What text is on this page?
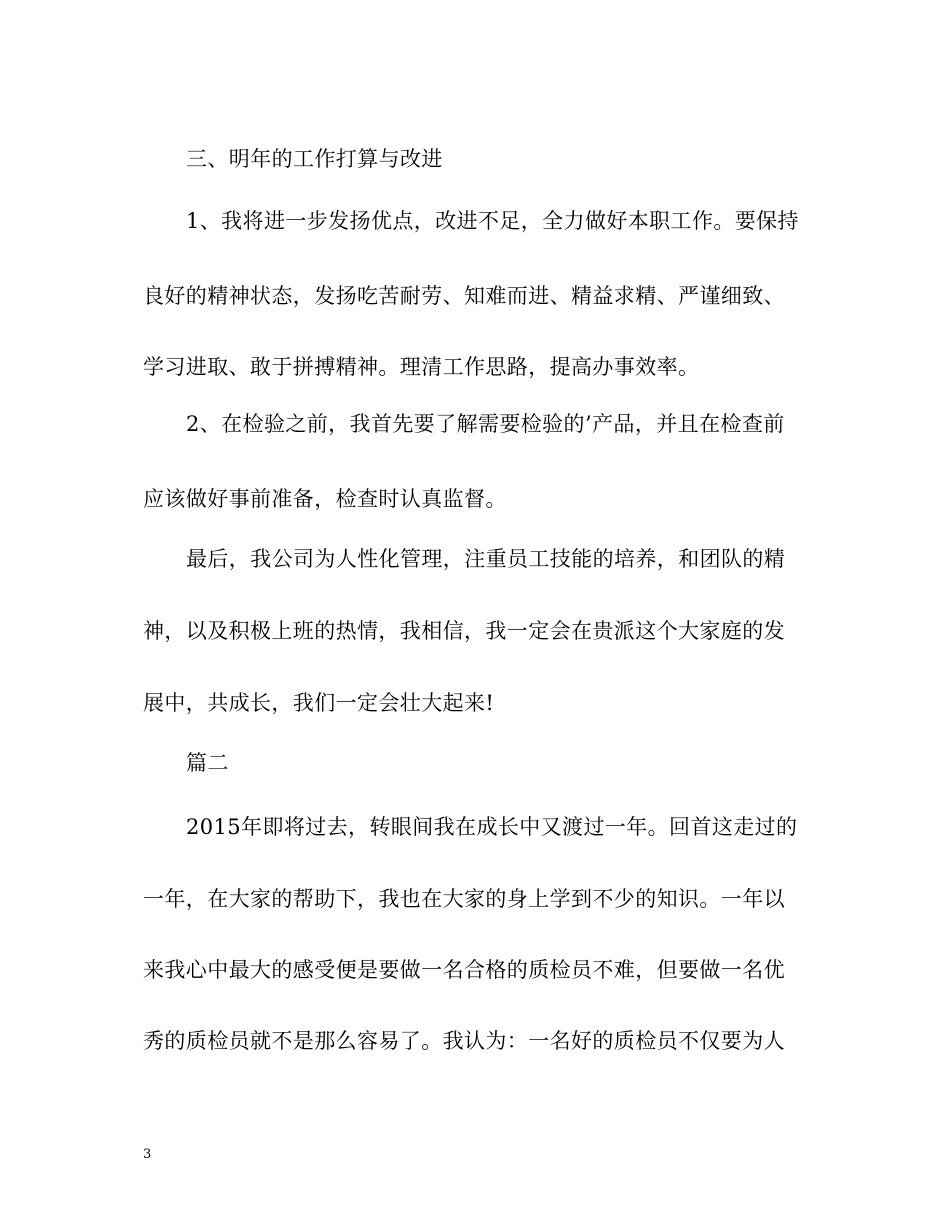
三、明年的工作打算与改进
1、我将进一步发扬优点，改进不足，全力做好本职工作。要保持
良好的精神状态，发扬吃苦耐劳、知难而进、精益求精、严谨细致、
学习进取、敢于拼搏精神。理清工作思路，提高办事效率。
2、在检验之前，我首先要了解需要检验的’产品，并且在检查前
应该做好事前准备，检查时认真监督。
最后，我公司为人性化管理，注重员工技能的培养，和团队的精
神，以及积极上班的热情，我相信，我一定会在贵派这个大家庭的发
展中，共成长，我们一定会壮大起来!
篇二
2015年即将过去，转眼间我在成长中又渡过一年。回首这走过的
一年，在大家的帮助下，我也在大家的身上学到不少的知识。一年以
来我心中最大的感受便是要做一名合格的质检员不难，但要做一名优
秀的质检员就不是那么容易了。我认为：一名好的质检员不仅要为人
3
